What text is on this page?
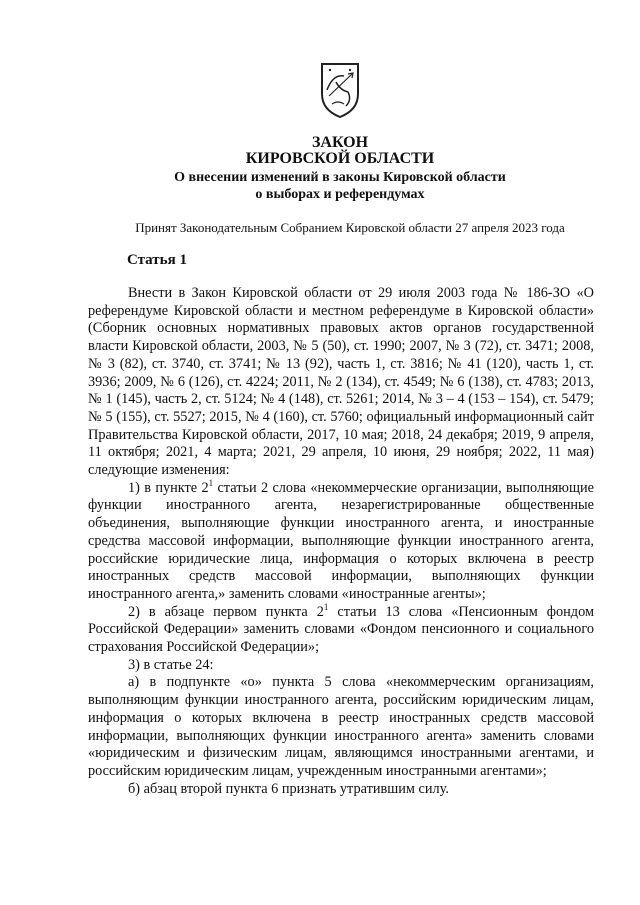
ЗАКОН

КИРОВСКОЙ ОБЛАСТИ

О внесении изменений в законы Кировской области

о выборах и референдумах

Принят Законодательным Собранием Кировской области 27 апреля 2023 года

Статья 1

Внести в Закон Кировской области от 29 июля 2003 года № 186-ЗО «О референдуме Кировской области и местном референдуме в Кировской области» (Сборник основных нормативных правовых актов органов государственной власти Кировской области, 2003, № 5 (50), ст. 1990; 2007, № 3 (72), ст. 3471; 2008, № 3 (82), ст. 3740, ст. 3741; № 13 (92), часть 1, ст. 3816; № 41 (120), часть 1, ст. 3936; 2009, № 6 (126), ст. 4224; 2011, № 2 (134), ст. 4549; № 6 (138), ст. 4783; 2013, № 1 (145), часть 2, ст. 5124; № 4 (148), ст. 5261; 2014, № 3 – 4 (153 – 154), ст. 5479; № 5 (155), ст. 5527; 2015, № 4 (160), ст. 5760; официальный информационный сайт Правительства Кировской области, 2017, 10 мая; 2018, 24 декабря; 2019, 9 апреля, 11 октября; 2021, 4 марта; 2021, 29 апреля, 10 июня, 29 ноября; 2022, 11 мая) следующие изменения:

1) в пункте $2^1$ статьи 2 слова «некоммерческие организации, выполняющие функции иностранного агента, незарегистрированные общественные объединения, выполняющие функции иностранного агента, и иностранные средства массовой информации, выполняющие функции иностранного агента, российские юридические лица, информация о которых включена в реестр иностранных средств массовой информации, выполняющих функции иностранного агента,» заменить словами «иностранные агенты»;

2) в абзаце первом пункта $2^1$ статьи 13 слова «Пенсионным фондом Российской Федерации» заменить словами «Фондом пенсионного и социального страхования Российской Федерации»;

3) в статье 24:

а) в подпункте «о» пункта 5 слова «некоммерческим организациям, выполняющим функции иностранного агента, российским юридическим лицам, информация о которых включена в реестр иностранных средств массовой информации, выполняющих функции иностранного агента» заменить словами «юридическим и физическим лицам, являющимся иностранными агентами, и российским юридическим лицам, учрежденным иностранными агентами»;

б) абзац второй пункта 6 признать утратившим силу.
